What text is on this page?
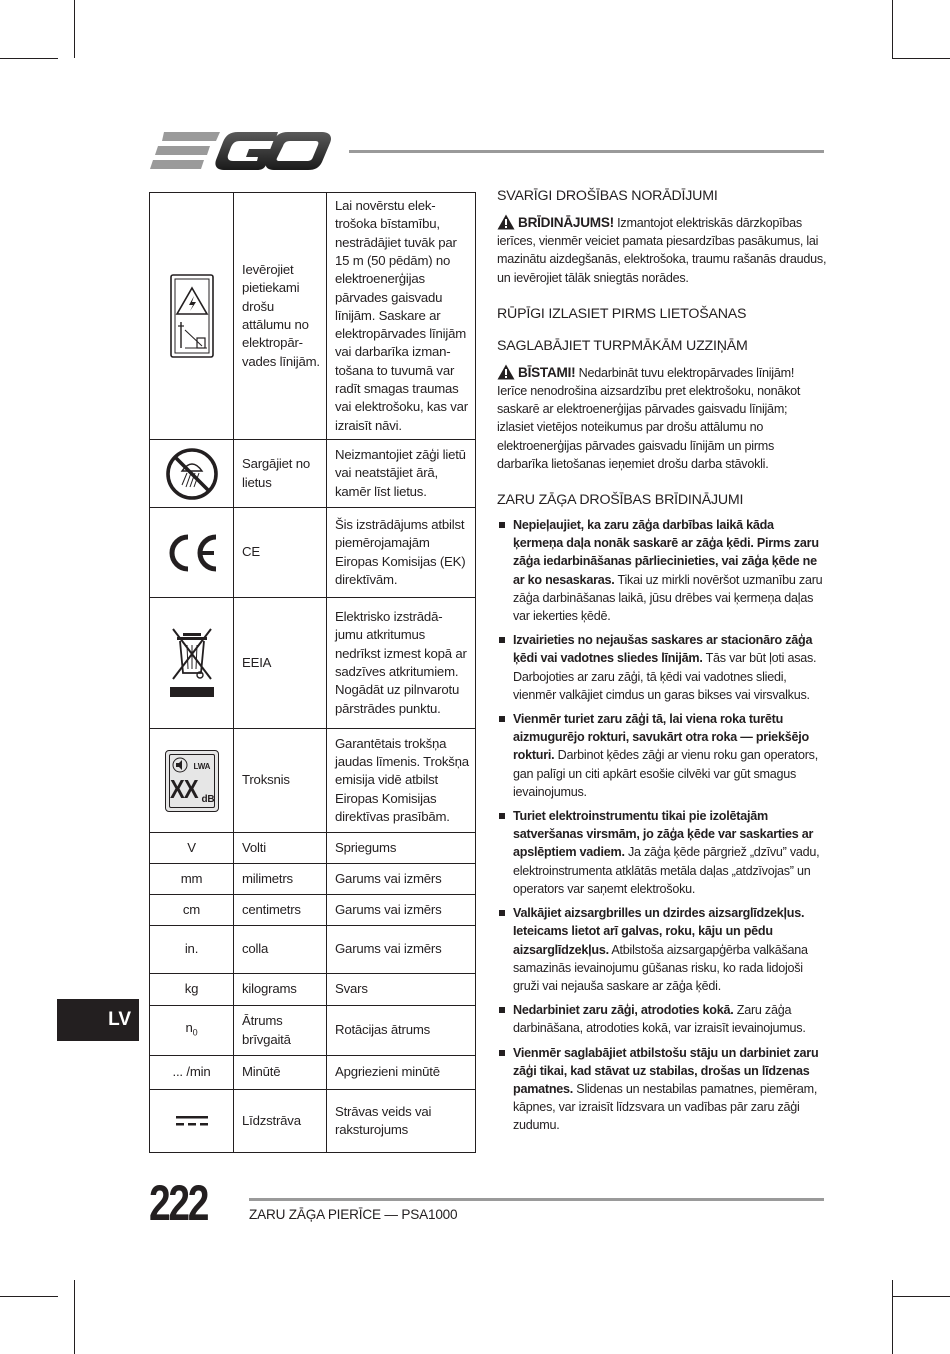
	Ievērojiet pietiekami drošu attālumu no elektropār-vades līnijām.	Lai novērstu elek-trošoka bīstamību, nestrādājiet tuvāk par 15 m (50 pēdām) no elektroenerģijas pārvades gaisvadu līnijām. Saskare ar elektropārvades līnijām vai darbarīka izman-tošana to tuvumā var radīt smagas traumas vai elektrošoku, kas var izraisīt nāvi.

	Sargājiet no lietus	Neizmantojiet zāģi lietū vai neatstājiet ārā, kamēr līst lietus.

	CE	Šis izstrādājums atbilst piemērojamajām Eiropas Komisijas (EK) direktīvām.

	EEIA	Elektrisko izstrādā-jumu atkritumus nedrīkst izmest kopā ar sadzīves atkritumiem. Nogādāt uz pilnvarotu pārstrādes punktu.

LWA
XX dB	Troksnis	Garantētais trokšņa jaudas līmenis. Trokšņa emisija vidē atbilst Eiropas Komisijas direktīvas prasībām.
V	Volti	Spriegums
mm	milimetrs	Garums vai izmērs
cm	centimetrs	Garums vai izmērs
in.	colla	Garums vai izmērs
kg	kilograms	Svars
$n_0$	Ātrums brīvgaitā	Rotācijas ātrums
... /min	Minūtē	Apgriezieni minūtē

	Līdzstrāva	Strāvas veids vai raksturojums
SVARĪGI DROŠĪBAS NORĀDĪJUMI

BRĪDINĀJUMS! Izmantojot elektriskās dārzkopības ierīces, vienmēr veiciet pamata piesardzības pasākumus, lai mazinātu aizdegšanās, elektrošoka, traumu rašanās draudus, un ievērojiet tālāk sniegtās norādes.

RŪPĪGI IZLASIET PIRMS LIETOŠANAS
SAGLABĀJIET TURPMĀKĀM UZZIŅĀM

BĪSTAMI! Nedarbināt tuvu elektropārvades līnijām! Ierīce nenodrošina aizsardzību pret elektrošoku, nonākot saskarē ar elektroenerģijas pārvades gaisvadu līnijām; izlasiet vietējos noteikumus par drošu attālumu no elektroenerģijas pārvades gaisvadu līnijām un pirms darbarīka lietošanas ieņemiet drošu darba stāvokli.

ZARU ZĀĢA DROŠĪBAS BRĪDINĀJUMI
Nepieļaujiet, ka zaru zāģa darbības laikā kāda ķermeņa daļa nonāk saskarē ar zāģa ķēdi. Pirms zaru zāģa iedarbināšanas pārliecinieties, vai zāģa ķēde ne ar ko nesaskaras. Tikai uz mirkli novēršot uzmanību zaru zāģa darbināšanas laikā, jūsu drēbes vai ķermeņa daļas var iekerties ķēdē.
Izvairieties no nejaušas saskares ar stacionāro zāģa ķēdi vai vadotnes sliedes līnijām. Tās var būt ļoti asas. Darbojoties ar zaru zāģi, tā ķēdi vai vadotnes sliedi, vienmēr valkājiet cimdus un garas bikses vai virsvalkus.
Vienmēr turiet zaru zāģi tā, lai viena roka turētu aizmugurējo rokturi, savukārt otra roka — priekšējo rokturi. Darbinot ķēdes zāģi ar vienu roku gan operators, gan palīgi un citi apkārt esošie cilvēki var gūt smagus ievainojumus.
Turiet elektroinstrumentu tikai pie izolētajām satveršanas virsmām, jo zāģa ķēde var saskarties ar apslēptiem vadiem. Ja zāģa ķēde pārgriež „dzīvu” vadu, elektroinstrumenta atklātās metāla daļas „atdzīvojas” un operators var saņemt elektrošoku.
Valkājiet aizsargbrilles un dzirdes aizsarglīdzekļus. Ieteicams lietot arī galvas, roku, kāju un pēdu aizsarglīdzekļus. Atbilstoša aizsargapģērba valkāšana samazinās ievainojumu gūšanas risku, ko rada lidojoši gruži vai nejauša saskare ar zāģa ķēdi.
Nedarbiniet zaru zāģi, atrodoties kokā. Zaru zāģa darbināšana, atrodoties kokā, var izraisīt ievainojumus.
Vienmēr saglabājiet atbilstošu stāju un darbiniet zaru zāģi tikai, kad stāvat uz stabilas, drošas un līdzenas pamatnes. Slidenas un nestabilas pamatnes, piemēram, kāpnes, var izraisīt līdzsvara un vadības pār zaru zāģi zudumu.
LV
222	ZARU ZĀĢA PIERĪCE — PSA1000
